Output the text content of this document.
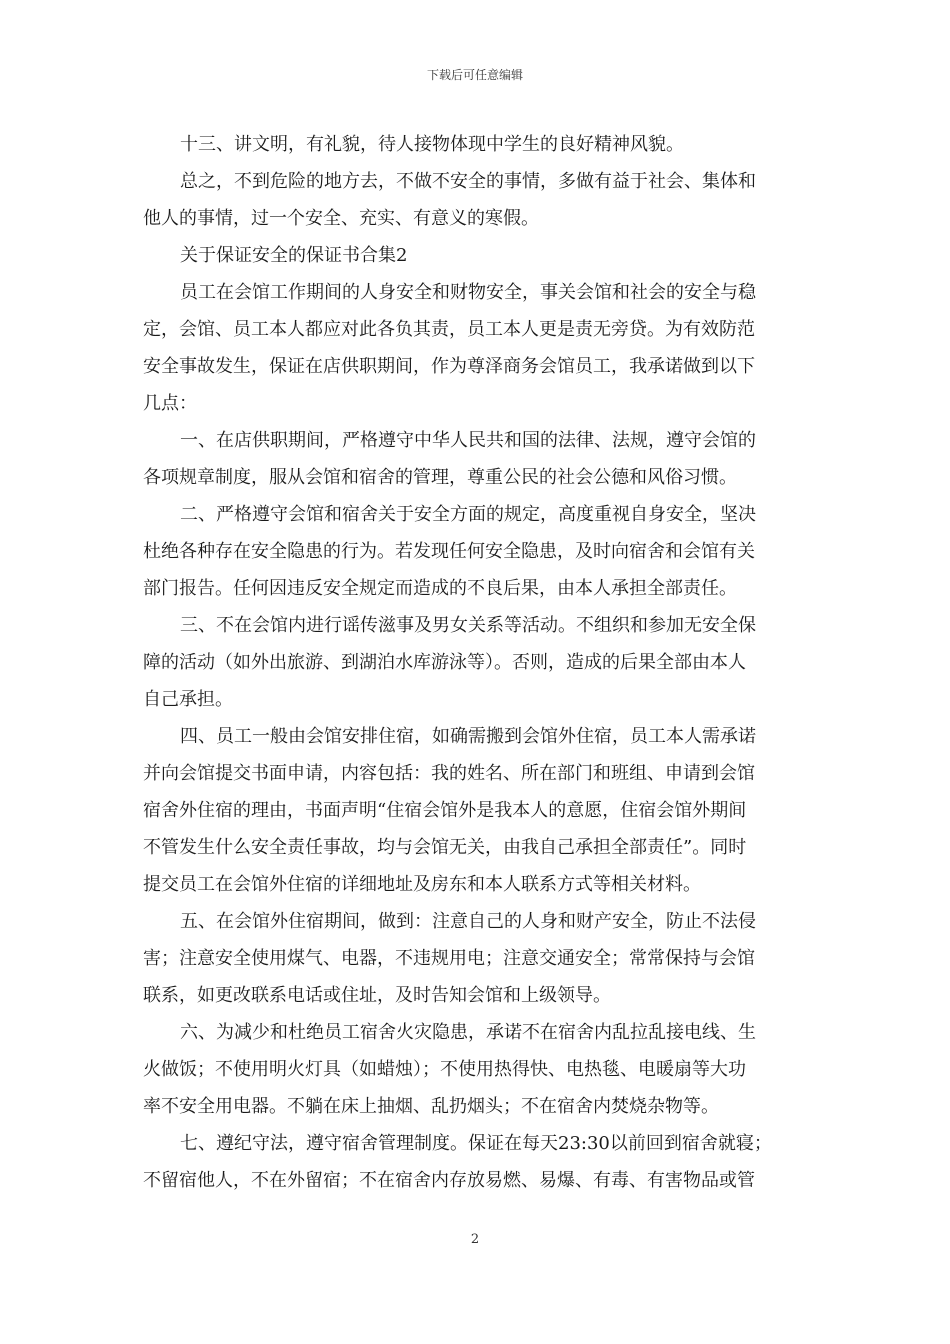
下载后可任意编辑

十三、讲文明，有礼貌，待人接物体现中学生的良好精神风貌。

总之，不到危险的地方去，不做不安全的事情，多做有益于社会、集体和
他人的事情，过一个安全、充实、有意义的寒假。

关于保证安全的保证书合集2

员工在会馆工作期间的人身安全和财物安全，事关会馆和社会的安全与稳
定，会馆、员工本人都应对此各负其责，员工本人更是责无旁贷。为有效防范
安全事故发生，保证在店供职期间，作为尊泽商务会馆员工，我承诺做到以下
几点：

一、在店供职期间，严格遵守中华人民共和国的法律、法规，遵守会馆的
各项规章制度，服从会馆和宿舍的管理，尊重公民的社会公德和风俗习惯。

二、严格遵守会馆和宿舍关于安全方面的规定，高度重视自身安全，坚决
杜绝各种存在安全隐患的行为。若发现任何安全隐患，及时向宿舍和会馆有关
部门报告。任何因违反安全规定而造成的不良后果，由本人承担全部责任。

三、不在会馆内进行谣传滋事及男女关系等活动。不组织和参加无安全保
障的活动（如外出旅游、到湖泊水库游泳等）。否则，造成的后果全部由本人
自己承担。

四、员工一般由会馆安排住宿，如确需搬到会馆外住宿，员工本人需承诺
并向会馆提交书面申请，内容包括：我的姓名、所在部门和班组、申请到会馆
宿舍外住宿的理由，书面声明“住宿会馆外是我本人的意愿，住宿会馆外期间
不管发生什么安全责任事故，均与会馆无关，由我自己承担全部责任”。同时
提交员工在会馆外住宿的详细地址及房东和本人联系方式等相关材料。

五、在会馆外住宿期间，做到：注意自己的人身和财产安全，防止不法侵
害；注意安全使用煤气、电器，不违规用电；注意交通安全；常常保持与会馆
联系，如更改联系电话或住址，及时告知会馆和上级领导。

六、为减少和杜绝员工宿舍火灾隐患，承诺不在宿舍内乱拉乱接电线、生
火做饭；不使用明火灯具（如蜡烛）；不使用热得快、电热毯、电暖扇等大功
率不安全用电器。不躺在床上抽烟、乱扔烟头；不在宿舍内焚烧杂物等。

七、遵纪守法，遵守宿舍管理制度。保证在每天23:30以前回到宿舍就寝；
不留宿他人，不在外留宿；不在宿舍内存放易燃、易爆、有毒、有害物品或管

2
